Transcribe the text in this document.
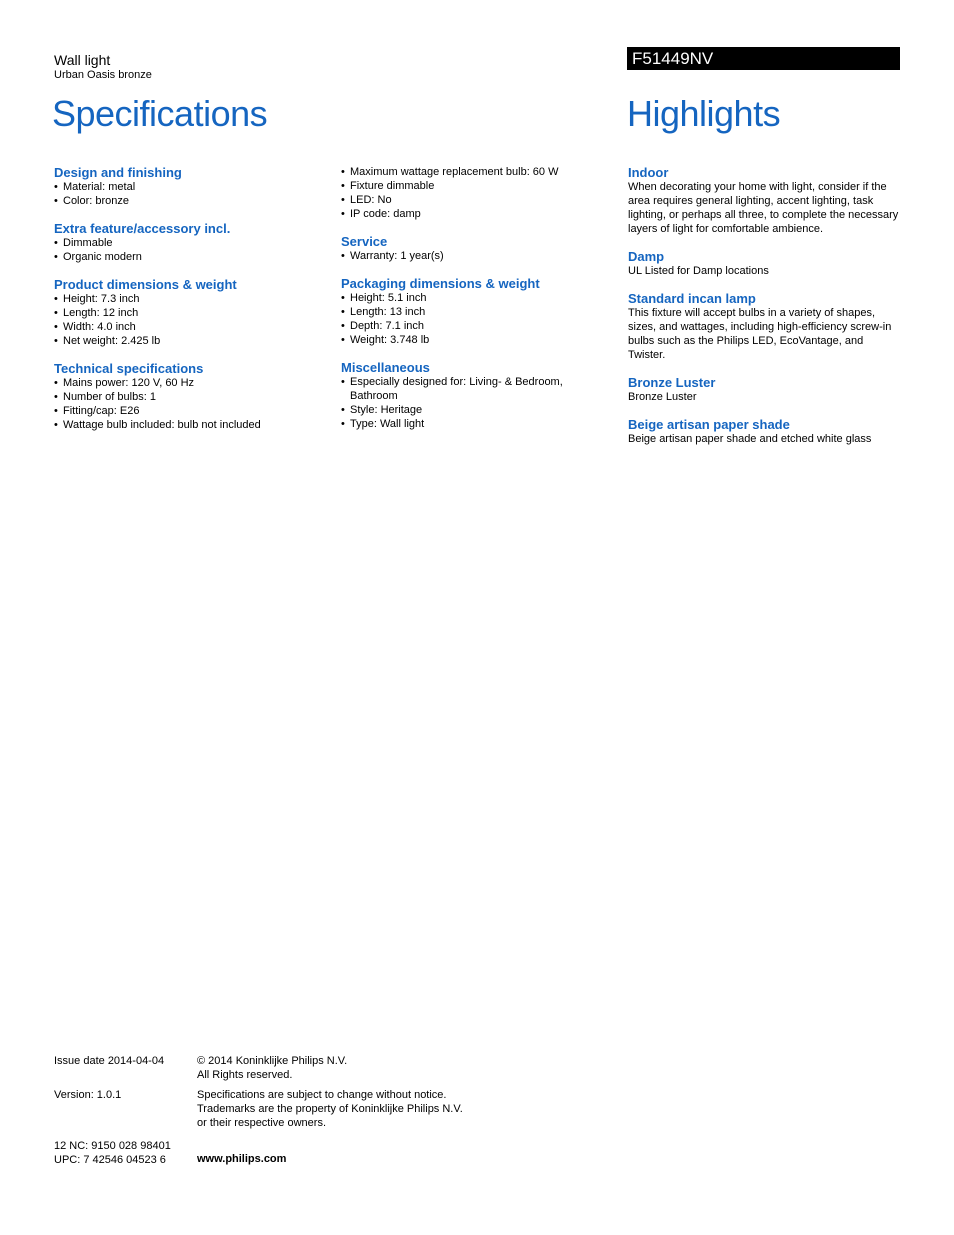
Wall light
Urban Oasis bronze
Specifications
F51449NV
Highlights
Design and finishing
• Material: metal
• Color: bronze
Extra feature/accessory incl.
• Dimmable
• Organic modern
Product dimensions & weight
• Height: 7.3 inch
• Length: 12 inch
• Width: 4.0 inch
• Net weight: 2.425 lb
Technical specifications
• Mains power: 120 V, 60 Hz
• Number of bulbs: 1
• Fitting/cap: E26
• Wattage bulb included: bulb not included
• Maximum wattage replacement bulb: 60 W
• Fixture dimmable
• LED: No
• IP code: damp
Service
• Warranty: 1 year(s)
Packaging dimensions & weight
• Height: 5.1 inch
• Length: 13 inch
• Depth: 7.1 inch
• Weight: 3.748 lb
Miscellaneous
• Especially designed for: Living- & Bedroom, Bathroom
• Style: Heritage
• Type: Wall light
Indoor

When decorating your home with light, consider if the area requires general lighting, accent lighting, task lighting, or perhaps all three, to complete the necessary layers of light for comfortable ambience.

Damp

UL Listed for Damp locations

Standard incan lamp

This fixture will accept bulbs in a variety of shapes, sizes, and wattages, including high-efficiency screw-in bulbs such as the Philips LED, EcoVantage, and Twister.

Bronze Luster

Bronze Luster

Beige artisan paper shade

Beige artisan paper shade and etched white glass

Issue date 2014-04-04	© 2014 Koninklijke Philips N.V.
All Rights reserved.
Version: 1.0.1	Specifications are subject to change without notice.
Trademarks are the property of Koninklijke Philips N.V.
or their respective owners.
12 NC: 9150 028 98401
UPC: 7 42546 04523 6	www.philips.com
